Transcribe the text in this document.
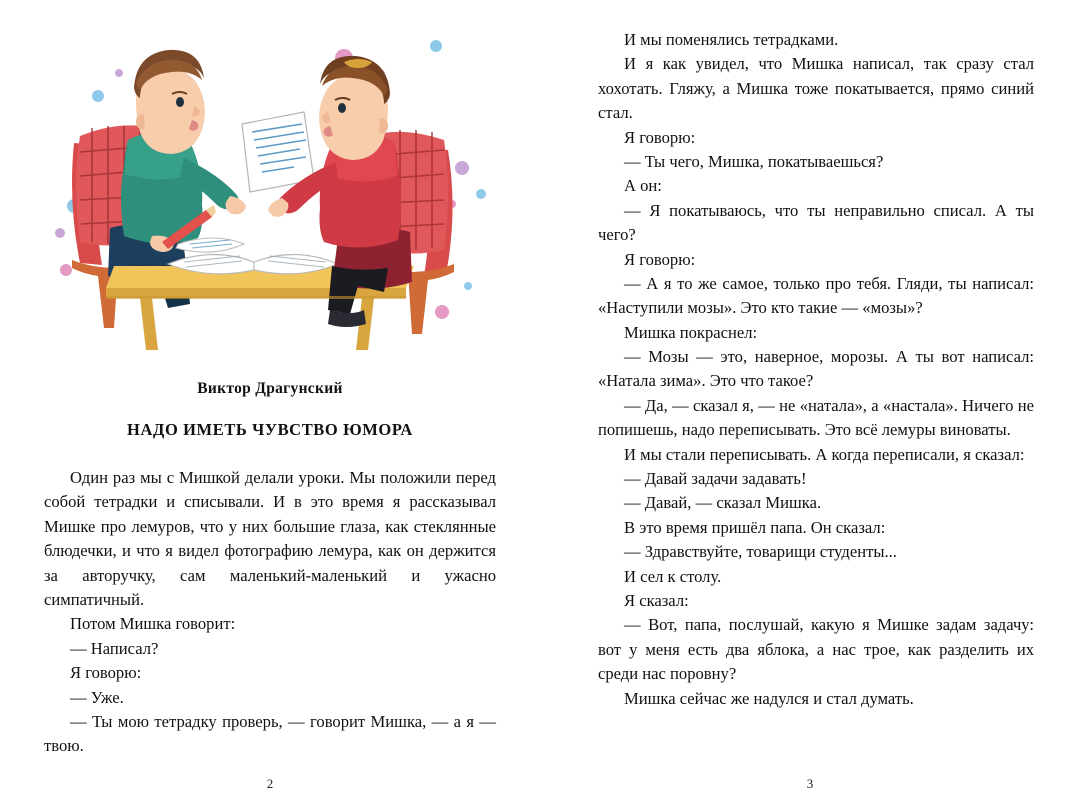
Виктор Драгунский
НАДО ИМЕТЬ ЧУВСТВО ЮМОРА

Один раз мы с Мишкой делали уроки. Мы положили перед собой тетрадки и списывали. И в это время я рассказывал Мишке про лемуров, что у них большие глаза, как стеклянные блюдечки, и что я видел фотографию лемура, как он держится за авторучку, сам маленький-маленький и ужасно симпатичный.

Потом Мишка говорит:

— Написал?

Я говорю:

— Уже.

— Ты мою тетрадку проверь, — говорит Мишка, — а я — твою.

2

И мы поменялись тетрадками.

И я как увидел, что Мишка написал, так сразу стал хохотать. Гляжу, а Мишка тоже покатывается, прямо синий стал.

Я говорю:

— Ты чего, Мишка, покатываешься?

А он:

— Я покатываюсь, что ты неправильно списал. А ты чего?

Я говорю:

— А я то же самое, только про тебя. Гляди, ты написал: «Наступили мозы». Это кто такие — «мозы»?

Мишка покраснел:

— Мозы — это, наверное, морозы. А ты вот написал: «Натала зима». Это что такое?

— Да, — сказал я, — не «натала», а «настала». Ничего не попишешь, надо переписывать. Это всё лемуры виноваты.

И мы стали переписывать. А когда переписали, я сказал:

— Давай задачи задавать!

— Давай, — сказал Мишка.

В это время пришёл папа. Он сказал:

— Здравствуйте, товарищи студенты...

И сел к столу.

Я сказал:

— Вот, папа, послушай, какую я Мишке задам задачу: вот у меня есть два яблока, а нас трое, как разделить их среди нас поровну?

Мишка сейчас же надулся и стал думать.

3
